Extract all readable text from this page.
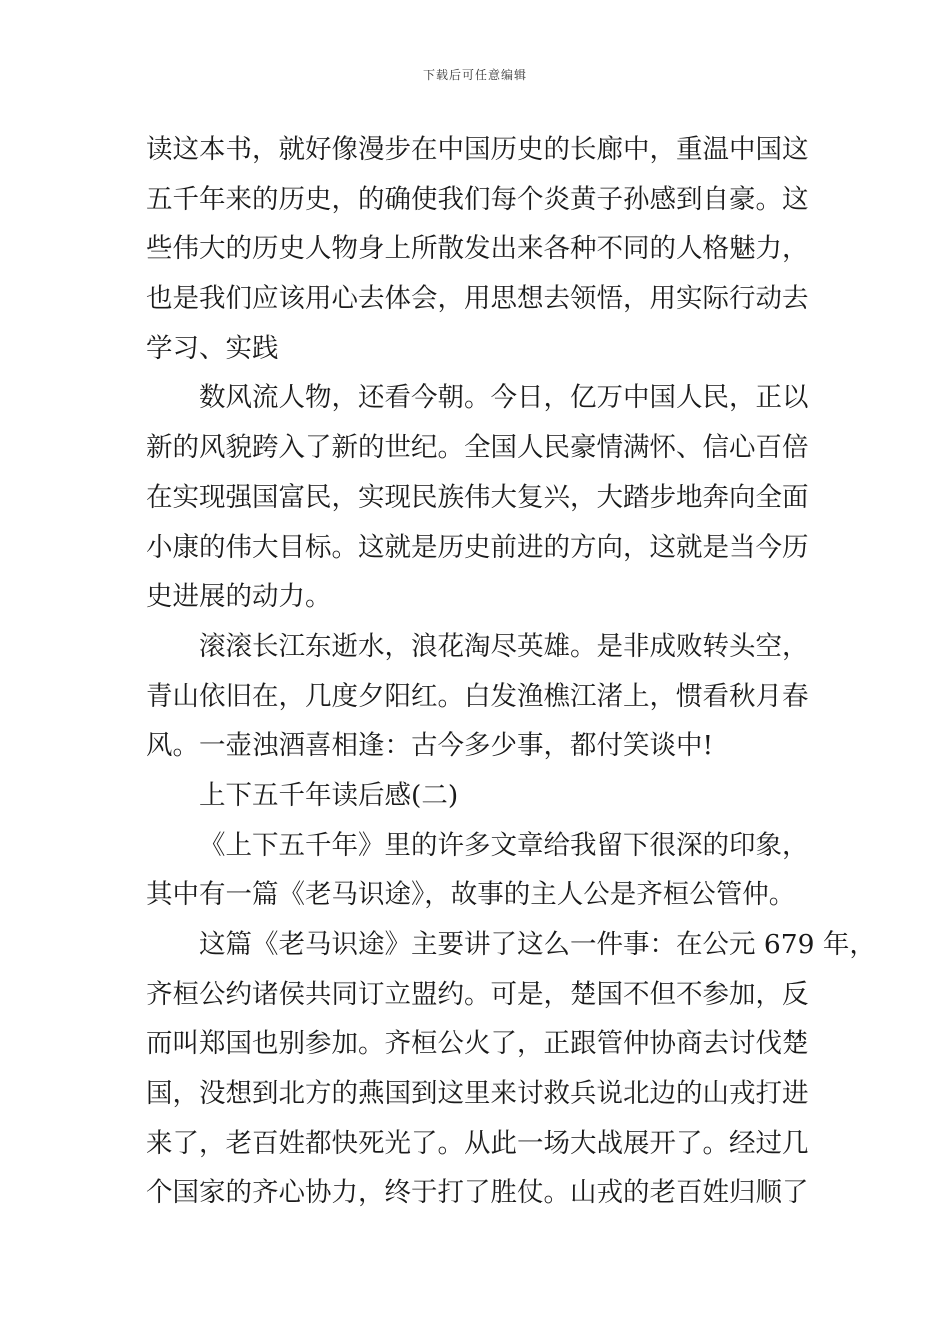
下载后可任意编辑
读这本书，就好像漫步在中国历史的长廊中，重温中国这
五千年来的历史，的确使我们每个炎黄子孙感到自豪。这
些伟大的历史人物身上所散发出来各种不同的人格魅力，
也是我们应该用心去体会，用思想去领悟，用实际行动去
学习、实践
数风流人物，还看今朝。今日，亿万中国人民，正以
新的风貌跨入了新的世纪。全国人民豪情满怀、信心百倍
在实现强国富民，实现民族伟大复兴，大踏步地奔向全面
小康的伟大目标。这就是历史前进的方向，这就是当今历
史进展的动力。
滚滚长江东逝水，浪花淘尽英雄。是非成败转头空，
青山依旧在，几度夕阳红。白发渔樵江渚上，惯看秋月春
风。一壶浊酒喜相逢：古今多少事，都付笑谈中!
上下五千年读后感(二)
《上下五千年》里的许多文章给我留下很深的印象，
其中有一篇《老马识途》，故事的主人公是齐桓公管仲。
这篇《老马识途》主要讲了这么一件事：在公元 679 年，
齐桓公约诸侯共同订立盟约。可是，楚国不但不参加，反
而叫郑国也别参加。齐桓公火了，正跟管仲协商去讨伐楚
国，没想到北方的燕国到这里来讨救兵说北边的山戎打进
来了，老百姓都快死光了。从此一场大战展开了。经过几
个国家的齐心协力，终于打了胜仗。山戎的老百姓归顺了
